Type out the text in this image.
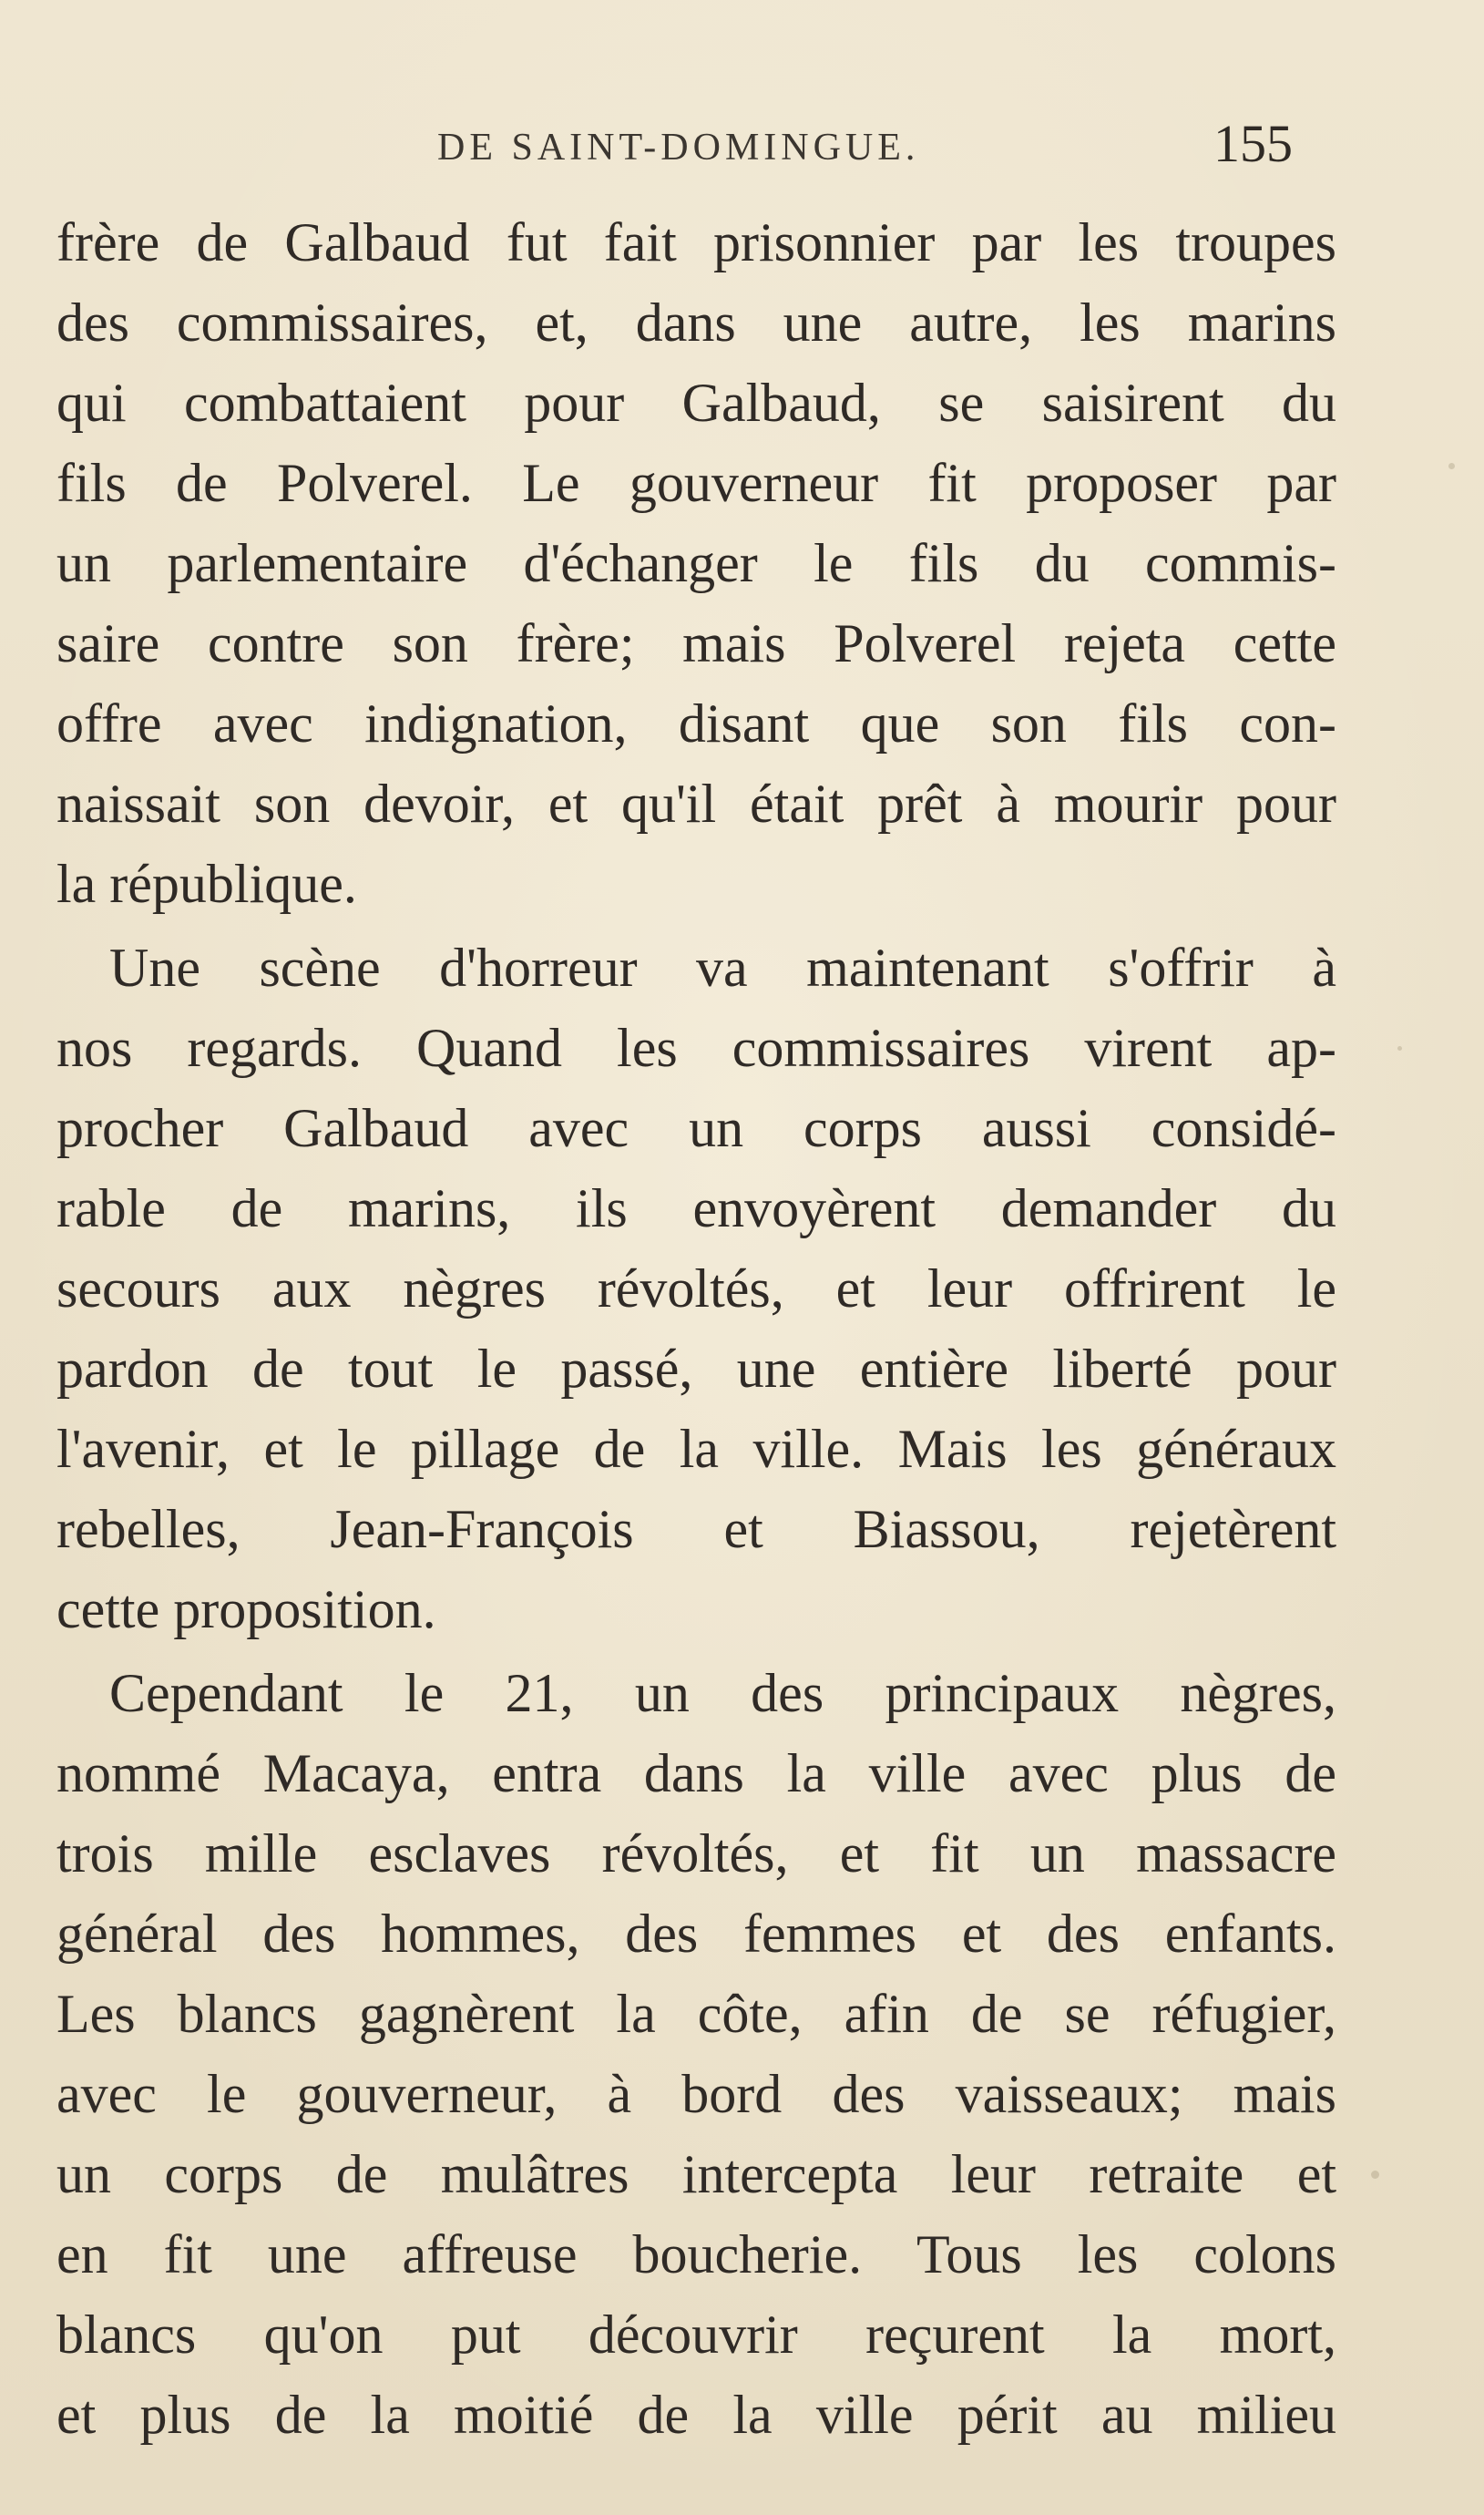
DE SAINT-DOMINGUE.	155
frère de Galbaud fut fait prisonnier par les troupes
des commissaires, et, dans une autre, les marins
qui combattaient pour Galbaud, se saisirent du
fils de Polverel. Le gouverneur fit proposer par
un parlementaire d'échanger le fils du commis-
saire contre son frère; mais Polverel rejeta cette
offre avec indignation, disant que son fils con-
naissait son devoir, et qu'il était prêt à mourir pour
la république.
Une scène d'horreur va maintenant s'offrir à
nos regards. Quand les commissaires virent ap-
procher Galbaud avec un corps aussi considé-
rable de marins, ils envoyèrent demander du
secours aux nègres révoltés, et leur offrirent le
pardon de tout le passé, une entière liberté pour
l'avenir, et le pillage de la ville. Mais les généraux
rebelles, Jean-François et Biassou, rejetèrent
cette proposition.
Cependant le 21, un des principaux nègres,
nommé Macaya, entra dans la ville avec plus de
trois mille esclaves révoltés, et fit un massacre
général des hommes, des femmes et des enfants.
Les blancs gagnèrent la côte, afin de se réfugier,
avec le gouverneur, à bord des vaisseaux; mais
un corps de mulâtres intercepta leur retraite et
en fit une affreuse boucherie. Tous les colons
blancs qu'on put découvrir reçurent la mort,
et plus de la moitié de la ville périt au milieu
